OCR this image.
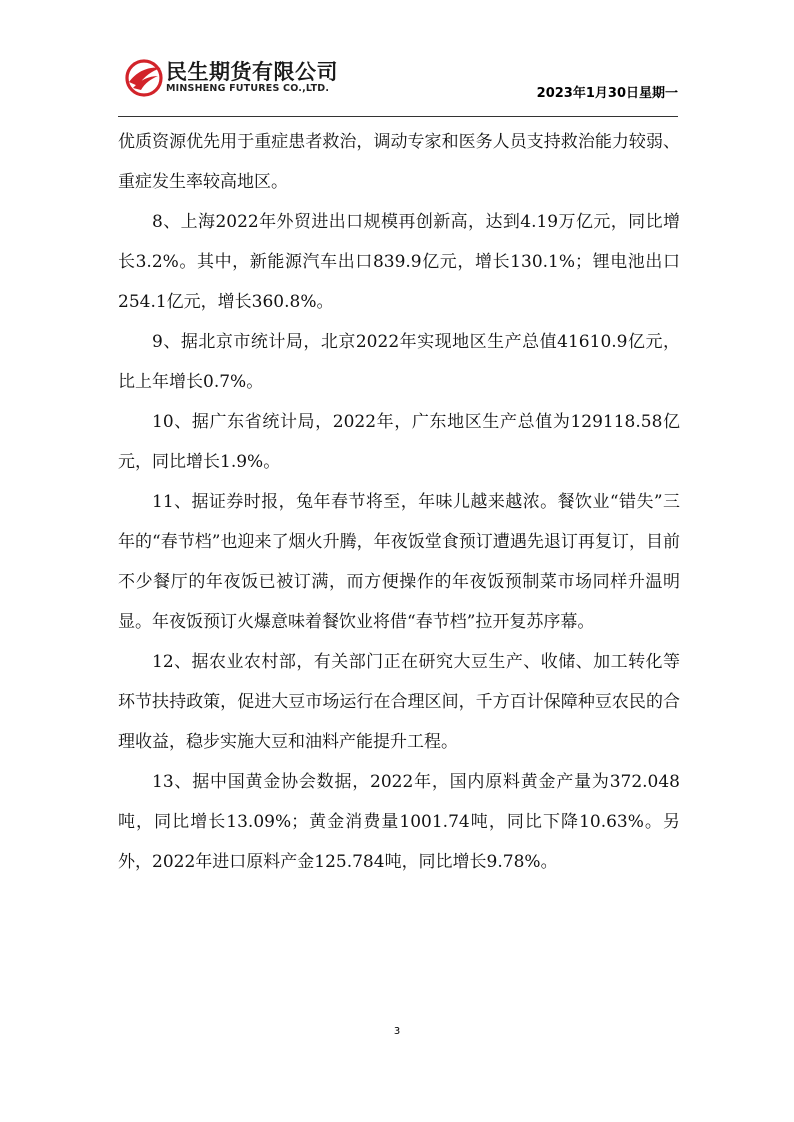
民生期货有限公司
MINSHENG FUTURES CO.,LTD.	2023年1月30日星期一

优质资源优先用于重症患者救治，调动专家和医务人员支持救治能力较弱、重症发生率较高地区。

8、上海2022年外贸进出口规模再创新高，达到4.19万亿元，同比增长3.2%。其中，新能源汽车出口839.9亿元，增长130.1%；锂电池出口254.1亿元，增长360.8%。

9、据北京市统计局，北京2022年实现地区生产总值41610.9亿元，比上年增长0.7%。

10、据广东省统计局，2022年，广东地区生产总值为129118.58亿元，同比增长1.9%。

11、据证券时报，兔年春节将至，年味儿越来越浓。餐饮业“错失”三年的“春节档”也迎来了烟火升腾，年夜饭堂食预订遭遇先退订再复订，目前不少餐厅的年夜饭已被订满，而方便操作的年夜饭预制菜市场同样升温明显。年夜饭预订火爆意味着餐饮业将借“春节档”拉开复苏序幕。

12、据农业农村部，有关部门正在研究大豆生产、收储、加工转化等环节扶持政策，促进大豆市场运行在合理区间，千方百计保障种豆农民的合理收益，稳步实施大豆和油料产能提升工程。

13、据中国黄金协会数据，2022年，国内原料黄金产量为372.048吨，同比增长13.09%；黄金消费量1001.74吨，同比下降10.63%。另外，2022年进口原料产金125.784吨，同比增长9.78%。

3
